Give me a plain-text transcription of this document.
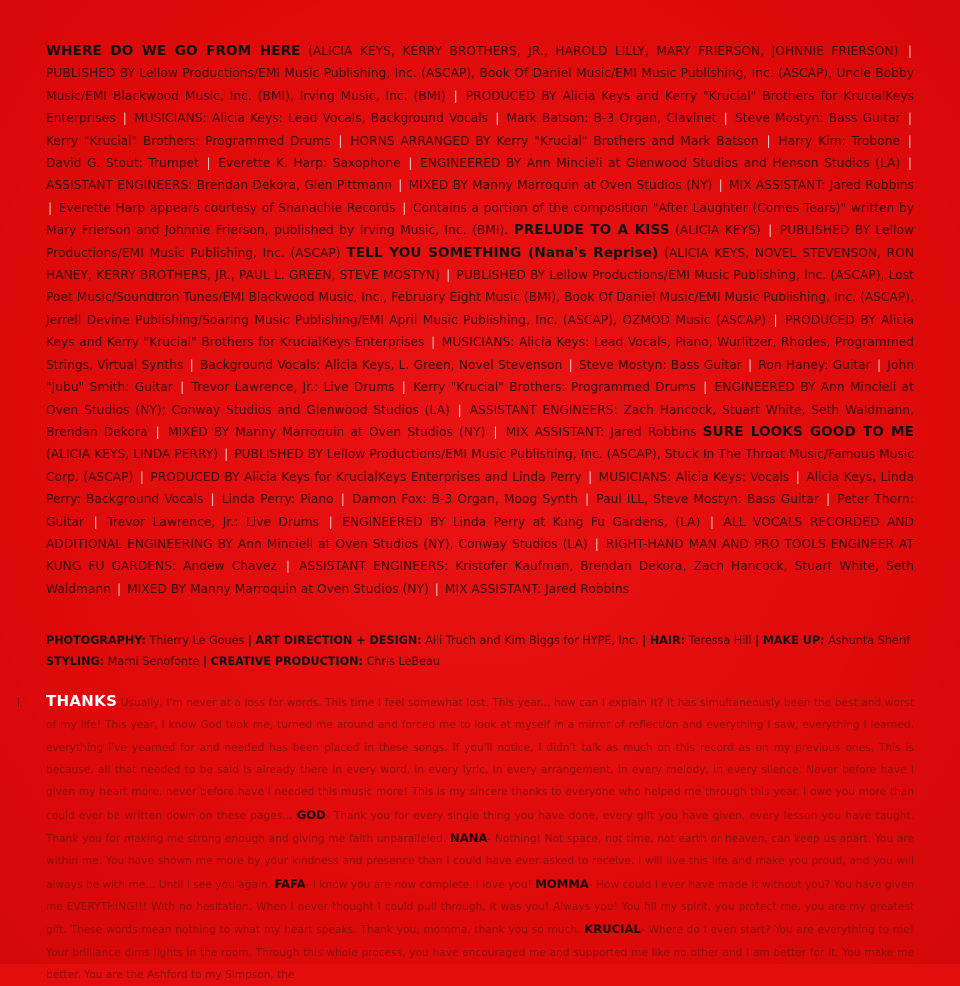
WHERE DO WE GO FROM HERE (ALICIA KEYS, KERRY BROTHERS, JR., HAROLD LILLY, MARY FRIERSON, JOHNNIE FRIERSON) | PUBLISHED BY Lellow Productions/EMI Music Publishing, Inc. (ASCAP), Book Of Daniel Music/EMI Music Publishing, Inc. (ASCAP), Uncle Bobby Music/EMI Blackwood Music, Inc. (BMI), Irving Music, Inc. (BMI) | PRODUCED BY Alicia Keys and Kerry "Krucial" Brothers for KrucialKeys Enterprises | MUSICIANS: Alicia Keys: Lead Vocals, Background Vocals | Mark Batson: B-3 Organ, Clavinet | Steve Mostyn: Bass Guitar | Kerry "Krucial" Brothers: Programmed Drums | HORNS ARRANGED BY Kerry "Krucial" Brothers and Mark Batson | Harry Kim: Trobone | David G. Stout: Trumpet | Everette K. Harp: Saxophone | ENGINEERED BY Ann Mincieli at Glenwood Studios and Henson Studios (LA) | ASSISTANT ENGINEERS: Brendan Dekora, Glen Pittmann | MIXED BY Manny Marroquin at Oven Studios (NY) | MIX ASSISTANT: Jared Robbins | Everette Harp appears courtesy of Shanachie Records | Contains a portion of the composition "After Laughter (Comes Tears)" written by Mary Frierson and Johnnie Frierson, published by Irving Music, Inc. (BMI). PRELUDE TO A KISS (ALICIA KEYS) | PUBLISHED BY Lellow Productions/EMI Music Publishing, Inc. (ASCAP) TELL YOU SOMETHING (Nana's Reprise) (ALICIA KEYS, NOVEL STEVENSON, RON HANEY, KERRY BROTHERS, JR., PAUL L. GREEN, STEVE MOSTYN) | PUBLISHED BY Lellow Productions/EMI Music Publishing, Inc. (ASCAP), Lost Poet Music/Soundtron Tunes/EMI Blackwood Music, Inc., February Eight Music (BMI), Book Of Daniel Music/EMI Music Publishing, Inc. (ASCAP), Jerrell Devine Publishing/Soaring Music Publishing/EMI April Music Publishing, Inc. (ASCAP), OZMOD Music (ASCAP) | PRODUCED BY Alicia Keys and Kerry "Krucial" Brothers for KrucialKeys Enterprises | MUSICIANS: Alicia Keys: Lead Vocals, Piano, Wurlitzer, Rhodes, Programmed Strings, Virtual Synths | Background Vocals: Alicia Keys, L. Green, Novel Stevenson | Steve Mostyn: Bass Guitar | Ron Haney: Guitar | John "Jubu" Smith: Guitar | Trevor Lawrence, Jr.: Live Drums | Kerry "Krucial" Brothers: Programmed Drums | ENGINEERED BY Ann Mincieli at Oven Studios (NY); Conway Studios and Glenwood Studios (LA) | ASSISTANT ENGINEERS: Zach Hancock, Stuart White, Seth Waldmann, Brendan Dekora | MIXED BY Manny Marroquin at Oven Studios (NY) | MIX ASSISTANT: Jared Robbins SURE LOOKS GOOD TO ME (ALICIA KEYS, LINDA PERRY) | PUBLISHED BY Lellow Productions/EMI Music Publishing, Inc. (ASCAP), Stuck In The Throat Music/Famous Music Corp. (ASCAP) | PRODUCED BY Alicia Keys for KrucialKeys Enterprises and Linda Perry | MUSICIANS: Alicia Keys: Vocals | Alicia Keys, Linda Perry: Background Vocals | Linda Perry: Piano | Damon Fox: B-3 Organ, Moog Synth | Paul ILL, Steve Mostyn: Bass Guitar | Peter Thorn: Guitar | Trevor Lawrence, Jr.: Live Drums | ENGINEERED BY Linda Perry at Kung Fu Gardens, (LA) | ALL VOCALS RECORDED AND ADDITIONAL ENGINEERING BY Ann Mincieli at Oven Studios (NY), Conway Studios (LA) | RIGHT-HAND MAN AND PRO TOOLS ENGINEER AT KUNG FU GARDENS: Andew Chavez | ASSISTANT ENGINEERS: Kristofer Kaufman, Brendan Dekora, Zach Hancock, Stuart White, Seth Waldmann | MIXED BY Manny Marroquin at Oven Studios (NY) | MIX ASSISTANT: Jared Robbins
PHOTOGRAPHY: Thierry Le Goues | ART DIRECTION + DESIGN: Alli Truch and Kim Biggs for HYPE, Inc. | HAIR: Teressa Hill | MAKE UP: Ashunta Sherif
STYLING: Marni Senofonte | CREATIVE PRODUCTION: Chris LeBeau
THANKS Usually, I'm never at a loss for words. This time I feel somewhat lost. This year... how can I explain it? It has simultaneously been the best and worst of my life! This year, I know God took me, turned me around and forced me to look at myself in a mirror of reflection and everything I saw, everything I learned, everything I've yearned for and needed has been placed in these songs. If you'll notice, I didn't talk as much on this record as on my previous ones. This is because, all that needed to be said is already there in every word, in every lyric, in every arrangement, in every melody, in every silence. Never before have I given my heart more, never before have I needed this music more! This is my sincere thanks to everyone who helped me through this year. I owe you more than could ever be written down on these pages... GOD- Thank you for every single thing you have done, every gift you have given, every lesson you have taught. Thank you for making me strong enough and giving me faith unparalleled. NANA- Nothing! Not space, not time, not earth or heaven, can keep us apart. You are within me. You have shown me more by your kindness and presence than I could have ever asked to receive. I will live this life and make you proud, and you will always be with me... Until I see you again. FAFA- I know you are now complete. I love you! MOMMA- How could I ever have made it without you? You have given me EVERYTHING!!! With no hesitation. When I never thought I could pull through, it was you! Always you! You fill my spirit, you protect me, you are my greatest gift. These words mean nothing to what my heart speaks. Thank you, momma, thank you so much. KRUCIAL- Where do I even start? You are everything to me! Your brilliance dims lights in the room. Through this whole process, you have encouraged me and supported me like no other and I am better for it. You make me better. You are the Ashford to my Simpson, the
